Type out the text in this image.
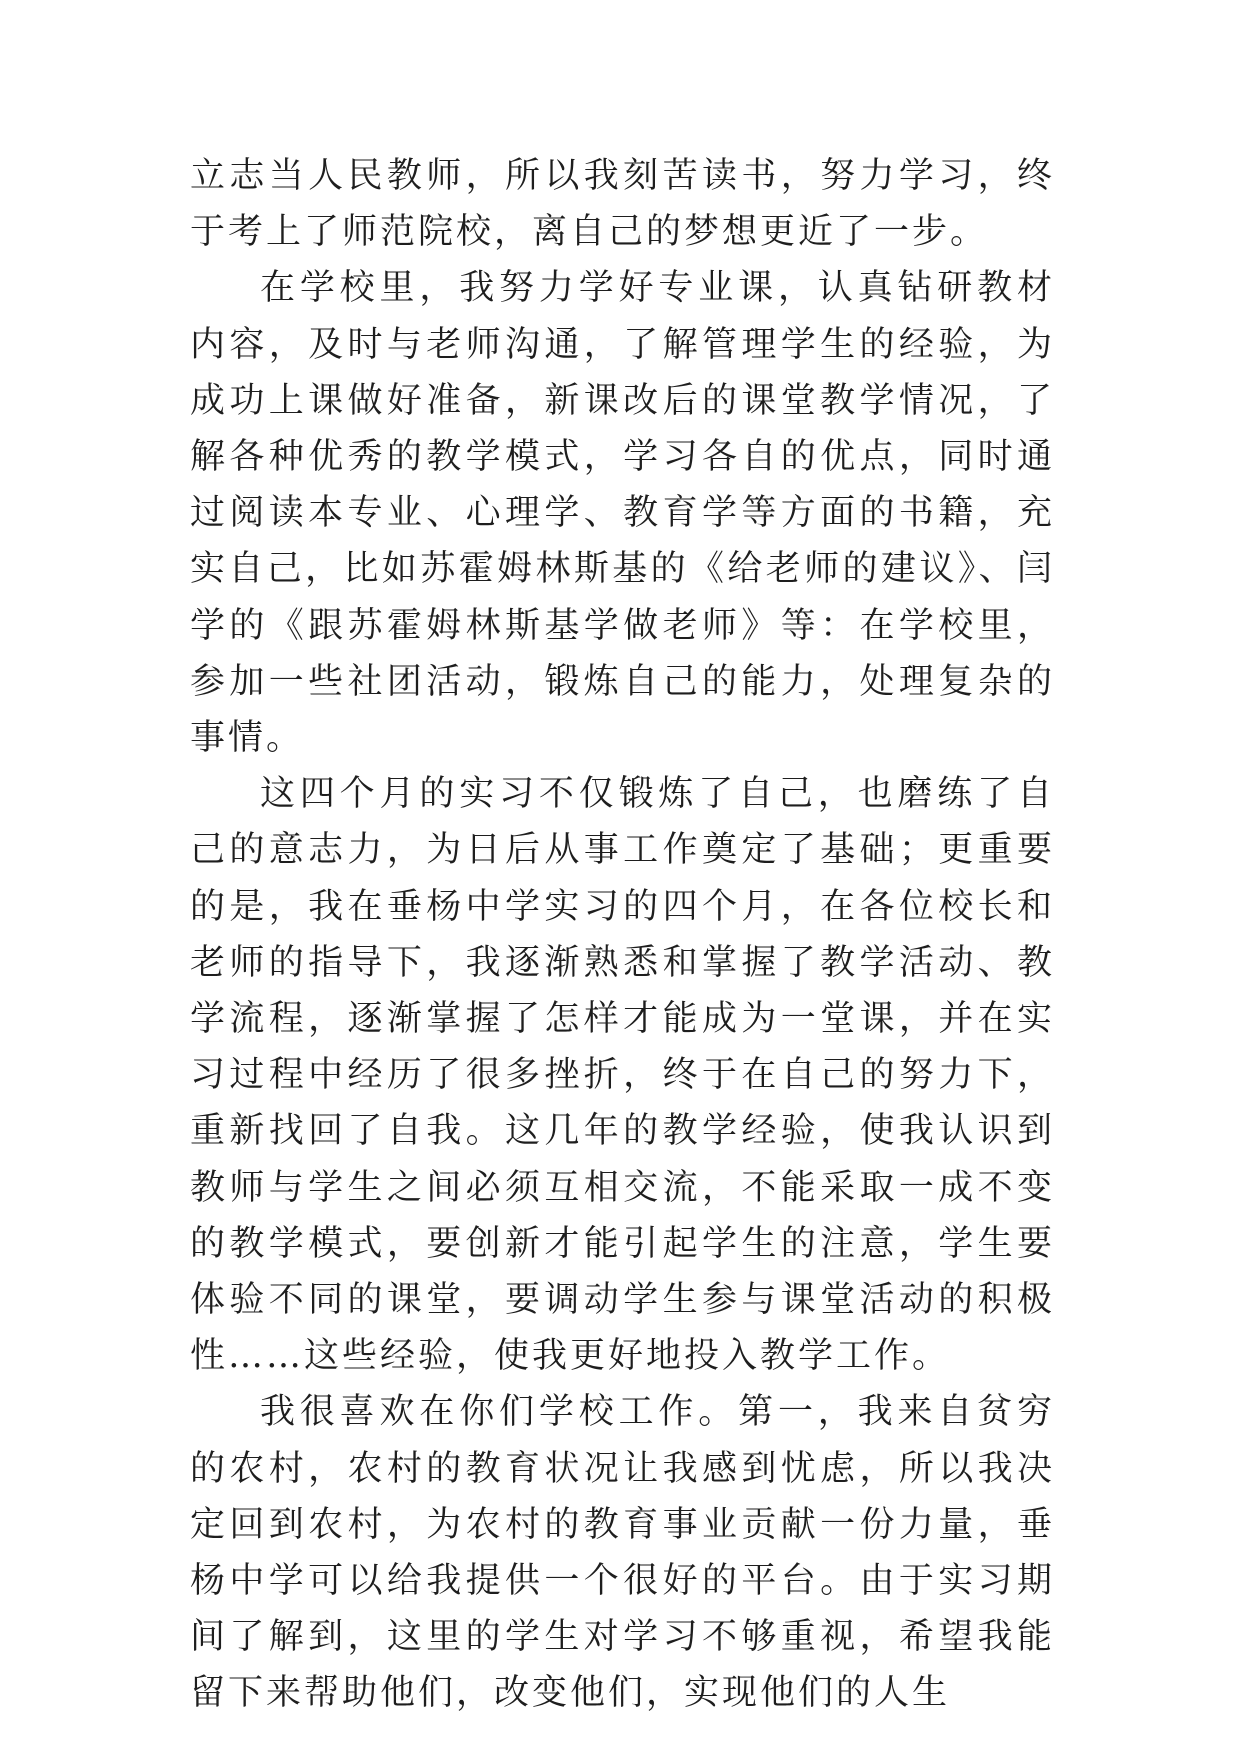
立志当人民教师，所以我刻苦读书，努力学习，终于考上了师范院校，离自己的梦想更近了一步。

在学校里，我努力学好专业课，认真钻研教材内容，及时与老师沟通，了解管理学生的经验，为成功上课做好准备，新课改后的课堂教学情况，了解各种优秀的教学模式，学习各自的优点，同时通过阅读本专业、心理学、教育学等方面的书籍，充实自己，比如苏霍姆林斯基的《给老师的建议》、闫学的《跟苏霍姆林斯基学做老师》等：在学校里，参加一些社团活动，锻炼自己的能力，处理复杂的事情。

这四个月的实习不仅锻炼了自己，也磨练了自己的意志力，为日后从事工作奠定了基础；更重要的是，我在垂杨中学实习的四个月，在各位校长和老师的指导下，我逐渐熟悉和掌握了教学活动、教学流程，逐渐掌握了怎样才能成为一堂课，并在实习过程中经历了很多挫折，终于在自己的努力下，重新找回了自我。这几年的教学经验，使我认识到教师与学生之间必须互相交流，不能采取一成不变的教学模式，要创新才能引起学生的注意，学生要体验不同的课堂，要调动学生参与课堂活动的积极性……这些经验，使我更好地投入教学工作。

我很喜欢在你们学校工作。第一，我来自贫穷的农村，农村的教育状况让我感到忧虑，所以我决定回到农村，为农村的教育事业贡献一份力量，垂杨中学可以给我提供一个很好的平台。由于实习期间了解到，这里的学生对学习不够重视，希望我能留下来帮助他们，改变他们，实现他们的人生
